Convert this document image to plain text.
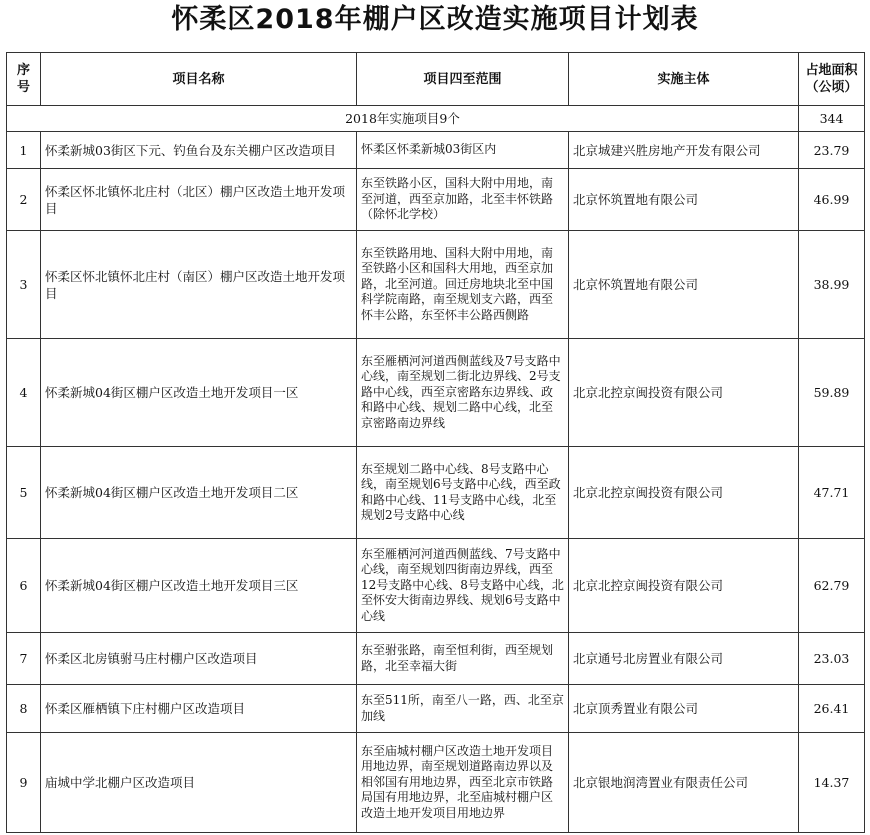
怀柔区2018年棚户区改造实施项目计划表
序号	项目名称	项目四至范围	实施主体	占地面积（公顷）
2018年实施项目9个				344
1	怀柔新城03街区下元、钓鱼台及东关棚户区改造项目	怀柔区怀柔新城03街区内	北京城建兴胜房地产开发有限公司	23.79
2	怀柔区怀北镇怀北庄村（北区）棚户区改造土地开发项目	东至铁路小区，国科大附中用地，南至河道，西至京加路，北至丰怀铁路（除怀北学校）	北京怀筑置地有限公司	46.99
3	怀柔区怀北镇怀北庄村（南区）棚户区改造土地开发项目	东至铁路用地、国科大附中用地，南至铁路小区和国科大用地，西至京加路，北至河道。回迁房地块北至中国科学院南路，南至规划支六路，西至怀丰公路，东至怀丰公路西侧路	北京怀筑置地有限公司	38.99
4	怀柔新城04街区棚户区改造土地开发项目一区	东至雁栖河河道西侧蓝线及7号支路中心线，南至规划二街北边界线、2号支路中心线，西至京密路东边界线、政和路中心线、规划二路中心线，北至京密路南边界线	北京北控京闽投资有限公司	59.89
5	怀柔新城04街区棚户区改造土地开发项目二区	东至规划二路中心线、8号支路中心线，南至规划6号支路中心线，西至政和路中心线、11号支路中心线，北至规划2号支路中心线	北京北控京闽投资有限公司	47.71
6	怀柔新城04街区棚户区改造土地开发项目三区	东至雁栖河河道西侧蓝线、7号支路中心线，南至规划四街南边界线，西至12号支路中心线、8号支路中心线，北至怀安大街南边界线、规划6号支路中心线	北京北控京闽投资有限公司	62.79
7	怀柔区北房镇驸马庄村棚户区改造项目	东至驸张路，南至恒利街，西至规划路，北至幸福大街	北京通号北房置业有限公司	23.03
8	怀柔区雁栖镇下庄村棚户区改造项目	东至511所，南至八一路，西、北至京加线	北京顶秀置业有限公司	26.41
9	庙城中学北棚户区改造项目	东至庙城村棚户区改造土地开发项目用地边界，南至规划道路南边界以及相邻国有用地边界，西至北京市铁路局国有用地边界，北至庙城村棚户区改造土地开发项目用地边界	北京银地润湾置业有限责任公司	14.37
